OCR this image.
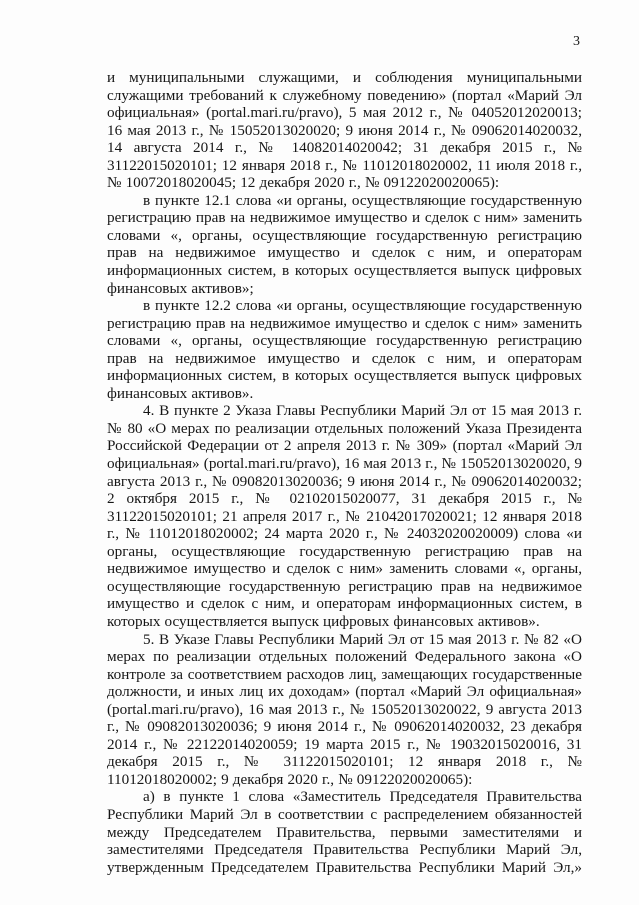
3

и муниципальными служащими, и соблюдения муниципальными служащими требований к служебному поведению» (портал «Марий Эл официальная» (portal.mari.ru/pravo), 5 мая 2012 г., № 04052012020013; 16 мая 2013 г., № 15052013020020; 9 июня 2014 г., № 09062014020032, 14 августа 2014 г., № 14082014020042; 31 декабря 2015 г., № 31122015020101; 12 января 2018 г., № 11012018020002, 11 июля 2018 г., № 10072018020045; 12 декабря 2020 г., № 09122020020065):

в пункте 12.1 слова «и органы, осуществляющие государственную регистрацию прав на недвижимое имущество и сделок с ним» заменить словами «, органы, осуществляющие государственную регистрацию прав на недвижимое имущество и сделок с ним, и операторам информационных систем, в которых осуществляется выпуск цифровых финансовых активов»;

в пункте 12.2 слова «и органы, осуществляющие государственную регистрацию прав на недвижимое имущество и сделок с ним» заменить словами «, органы, осуществляющие государственную регистрацию прав на недвижимое имущество и сделок с ним, и операторам информационных систем, в которых осуществляется выпуск цифровых финансовых активов».

4. В пункте 2 Указа Главы Республики Марий Эл от 15 мая 2013 г. № 80 «О мерах по реализации отдельных положений Указа Президента Российской Федерации от 2 апреля 2013 г. № 309» (портал «Марий Эл официальная» (portal.mari.ru/pravo), 16 мая 2013 г., № 15052013020020, 9 августа 2013 г., № 09082013020036; 9 июня 2014 г., № 09062014020032; 2 октября 2015 г., № 02102015020077, 31 декабря 2015 г., № 31122015020101; 21 апреля 2017 г., № 21042017020021; 12 января 2018 г., № 11012018020002; 24 марта 2020 г., № 24032020020009) слова «и органы, осуществляющие государственную регистрацию прав на недвижимое имущество и сделок с ним» заменить словами «, органы, осуществляющие государственную регистрацию прав на недвижимое имущество и сделок с ним, и операторам информационных систем, в которых осуществляется выпуск цифровых финансовых активов».

5. В Указе Главы Республики Марий Эл от 15 мая 2013 г. № 82 «О мерах по реализации отдельных положений Федерального закона «О контроле за соответствием расходов лиц, замещающих государственные должности, и иных лиц их доходам» (портал «Марий Эл официальная» (portal.mari.ru/pravo), 16 мая 2013 г., № 15052013020022, 9 августа 2013 г., № 09082013020036; 9 июня 2014 г., № 09062014020032, 23 декабря 2014 г., № 22122014020059; 19 марта 2015 г., № 19032015020016, 31 декабря 2015 г., № 31122015020101; 12 января 2018 г., № 11012018020002; 9 декабря 2020 г., № 09122020020065):

а) в пункте 1 слова «Заместитель Председателя Правительства Республики Марий Эл в соответствии с распределением обязанностей между Председателем Правительства, первыми заместителями и заместителями Председателя Правительства Республики Марий Эл, утвержденным Председателем Правительства Республики Марий Эл,»
